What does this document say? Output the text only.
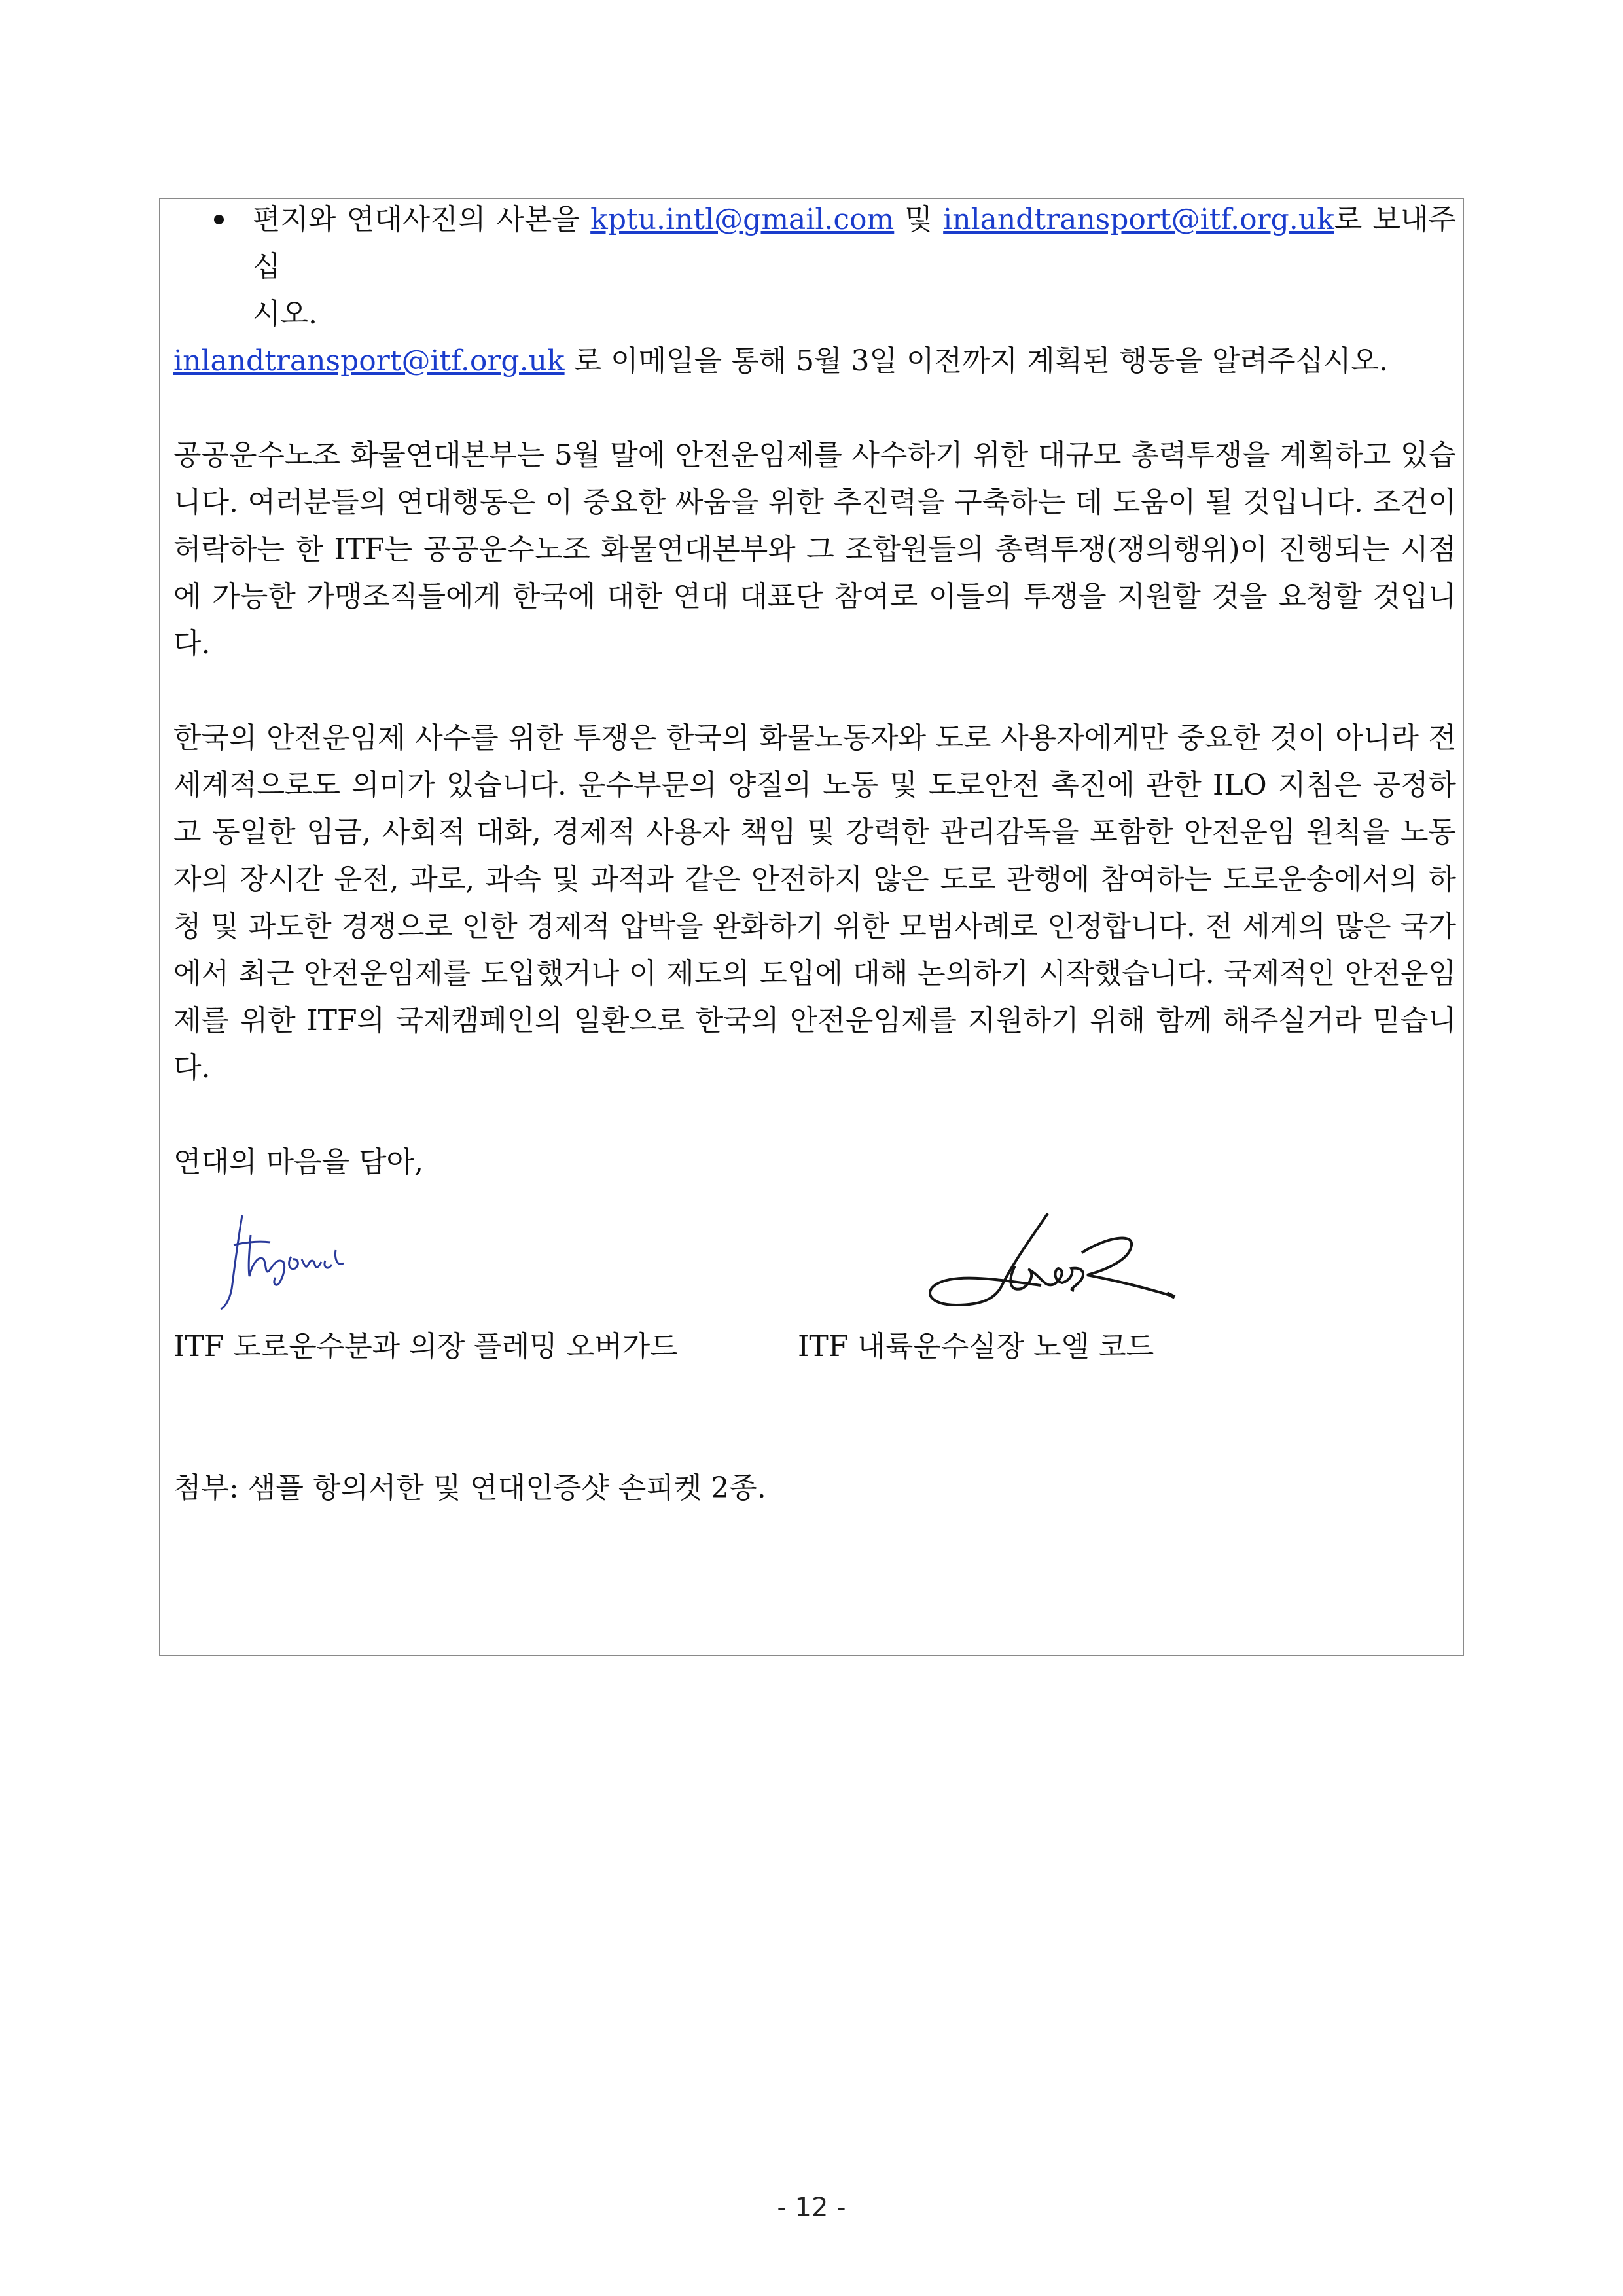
편지와 연대사진의 사본을 kptu.intl@gmail.com 및 inlandtransport@itf.org.uk로 보내주십
시오.

inlandtransport@itf.org.uk 로 이메일을 통해 5월 3일 이전까지 계획된 행동을 알려주십시오.

공공운수노조 화물연대본부는 5월 말에 안전운임제를 사수하기 위한 대규모 총력투쟁을 계획하고 있습니다. 여러분들의 연대행동은 이 중요한 싸움을 위한 추진력을 구축하는 데 도움이 될 것입니다. 조건이 허락하는 한 ITF는 공공운수노조 화물연대본부와 그 조합원들의 총력투쟁(쟁의행위)이 진행되는 시점에 가능한 가맹조직들에게 한국에 대한 연대 대표단 참여로 이들의 투쟁을 지원할 것을 요청할 것입니다.

한국의 안전운임제 사수를 위한 투쟁은 한국의 화물노동자와 도로 사용자에게만 중요한 것이 아니라 전 세계적으로도 의미가 있습니다. 운수부문의 양질의 노동 및 도로안전 촉진에 관한 ILO 지침은 공정하고 동일한 임금, 사회적 대화, 경제적 사용자 책임 및 강력한 관리감독을 포함한 안전운임 원칙을 노동자의 장시간 운전, 과로, 과속 및 과적과 같은 안전하지 않은 도로 관행에 참여하는 도로운송에서의 하청 및 과도한 경쟁으로 인한 경제적 압박을 완화하기 위한 모범사례로 인정합니다. 전 세계의 많은 국가에서 최근 안전운임제를 도입했거나 이 제도의 도입에 대해 논의하기 시작했습니다. 국제적인 안전운임제를 위한 ITF의 국제캠페인의 일환으로 한국의 안전운임제를 지원하기 위해 함께 해주실거라 믿습니다.

연대의 마음을 담아,

ITF 도로운수분과 의장 플레밍 오버가드	ITF 내륙운수실장 노엘 코드

첨부: 샘플 항의서한 및 연대인증샷 손피켓 2종.

- 12 -
